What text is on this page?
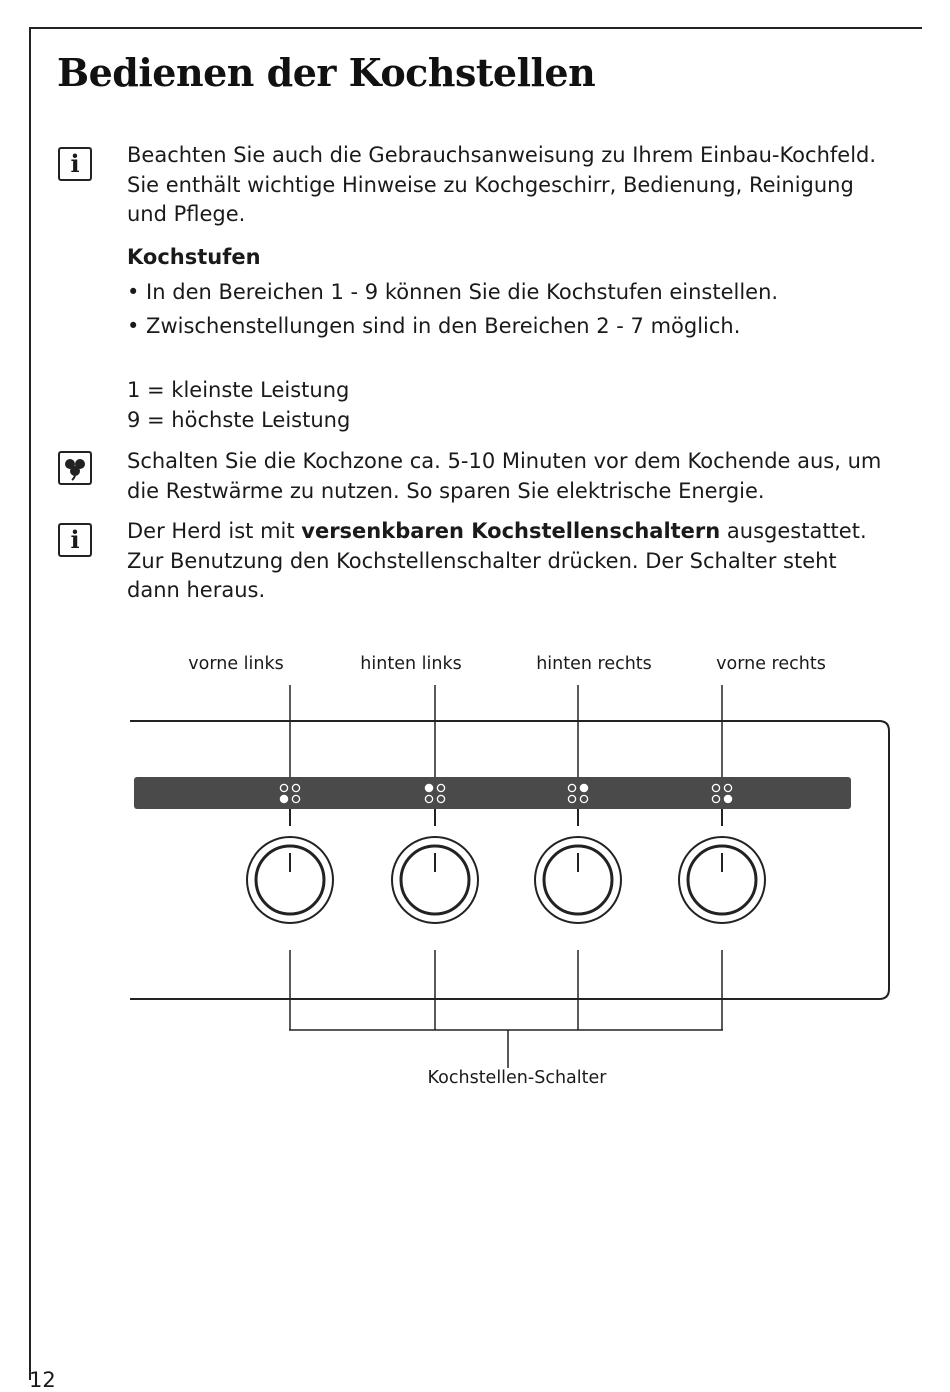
Bedienen der Kochstellen
i Beachten Sie auch die Gebrauchsanweisung zu Ihrem Einbau-Kochfeld.
Sie enthält wichtige Hinweise zu Kochgeschirr, Bedienung, Reinigung
und Pflege.
Kochstufen
• In den Bereichen 1 - 9 können Sie die Kochstufen einstellen.
• Zwischenstellungen sind in den Bereichen 2 - 7 möglich.
1 = kleinste Leistung
9 = höchste Leistung
Schalten Sie die Kochzone ca. 5-10 Minuten vor dem Kochende aus, um
die Restwärme zu nutzen. So sparen Sie elektrische Energie.
i Der Herd ist mit versenkbaren Kochstellenschaltern ausgestattet.
Zur Benutzung den Kochstellenschalter drücken. Der Schalter steht
dann heraus.
vorne links	hinten links	hinten rechts	vorne rechts
Kochstellen-Schalter
12
